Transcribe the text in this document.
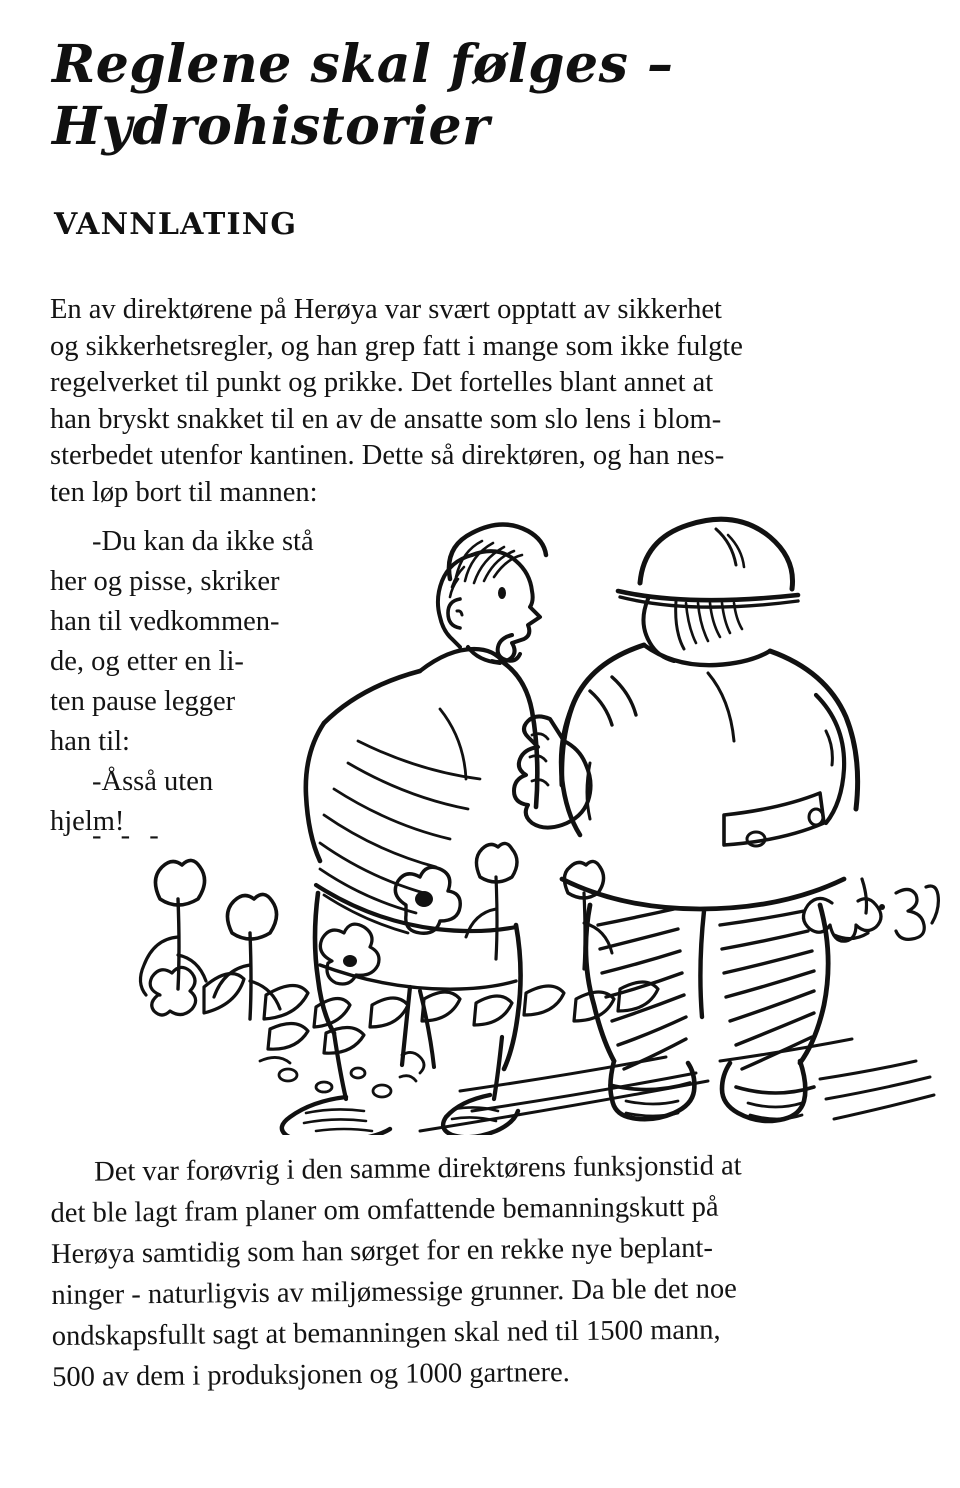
Reglene skal følges –
Hydrohistorier
VANNLATING
En av direktørene på Herøya var svært opptatt av sikkerhet
og sikkerhetsregler, og han grep fatt i mange som ikke fulgte
regelverket til punkt og prikke. Det fortelles blant annet at
han bryskt snakket til en av de ansatte som slo lens i blom-
sterbedet utenfor kantinen. Dette så direktøren, og han nes-
ten løp bort til mannen:
-Du kan da ikke stå
her og pisse, skriker
han til vedkommen-
de, og etter en li-
ten pause legger
han til:
-Åsså uten
hjelm!
- - -
Det var forøvrig i den samme direktørens funksjonstid at
det ble lagt fram planer om omfattende bemanningskutt på
Herøya samtidig som han sørget for en rekke nye beplant-
ninger - naturligvis av miljømessige grunner. Da ble det noe
ondskapsfullt sagt at bemanningen skal ned til 1500 mann,
500 av dem i produksjonen og 1000 gartnere.
